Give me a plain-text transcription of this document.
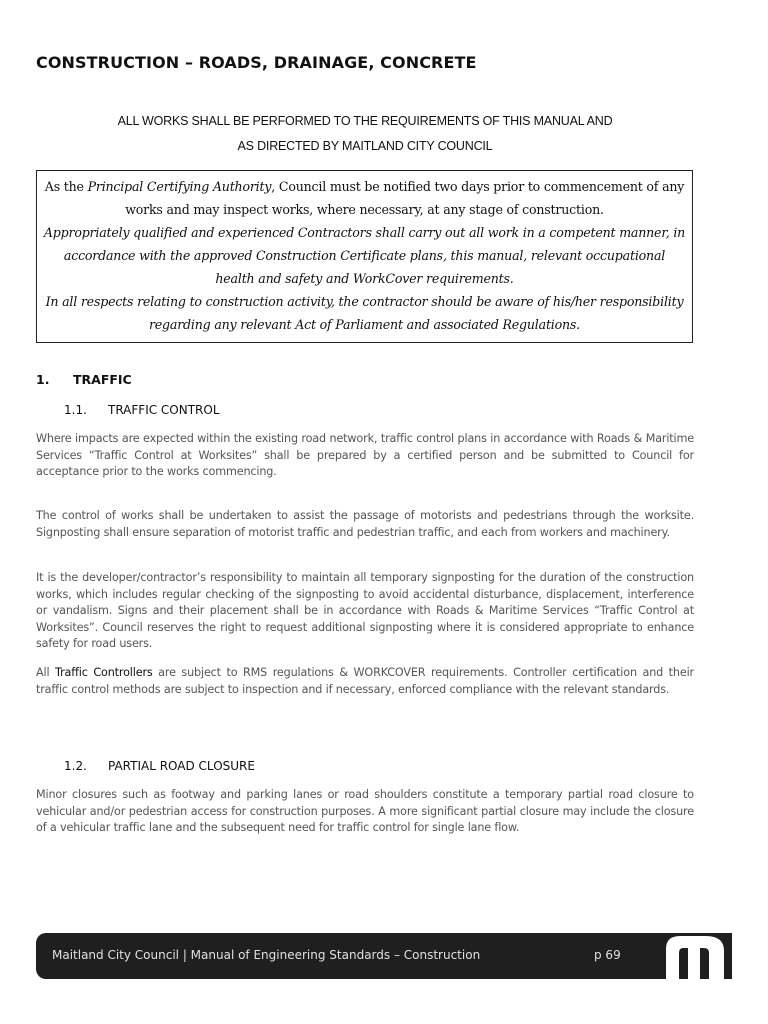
CONSTRUCTION – ROADS, DRAINAGE, CONCRETE
ALL WORKS SHALL BE PERFORMED TO THE REQUIREMENTS OF THIS MANUAL AND
AS DIRECTED BY MAITLAND CITY COUNCIL

As the Principal Certifying Authority, Council must be notified two days prior to commencement of any works and may inspect works, where necessary, at any stage of construction.

Appropriately qualified and experienced Contractors shall carry out all work in a competent manner, in accordance with the approved Construction Certificate plans, this manual, relevant occupational health and safety and WorkCover requirements.

In all respects relating to construction activity, the contractor should be aware of his/her responsibility regarding any relevant Act of Parliament and associated Regulations.

1. TRAFFIC
1.1. TRAFFIC CONTROL

Where impacts are expected within the existing road network, traffic control plans in accordance with Roads & Maritime Services “Traffic Control at Worksites” shall be prepared by a certified person and be submitted to Council for acceptance prior to the works commencing.

The control of works shall be undertaken to assist the passage of motorists and pedestrians through the worksite. Signposting shall ensure separation of motorist traffic and pedestrian traffic, and each from workers and machinery.

It is the developer/contractor’s responsibility to maintain all temporary signposting for the duration of the construction works, which includes regular checking of the signposting to avoid accidental disturbance, displacement, interference or vandalism. Signs and their placement shall be in accordance with Roads & Maritime Services “Traffic Control at Worksites”. Council reserves the right to request additional signposting where it is considered appropriate to enhance safety for road users.

All Traffic Controllers are subject to RMS regulations & WORKCOVER requirements. Controller certification and their traffic control methods are subject to inspection and if necessary, enforced compliance with the relevant standards.

1.2. PARTIAL ROAD CLOSURE

Minor closures such as footway and parking lanes or road shoulders constitute a temporary partial road closure to vehicular and/or pedestrian access for construction purposes. A more significant partial closure may include the closure of a vehicular traffic lane and the subsequent need for traffic control for single lane flow.

Maitland City Council | Manual of Engineering Standards – Construction	p 69
